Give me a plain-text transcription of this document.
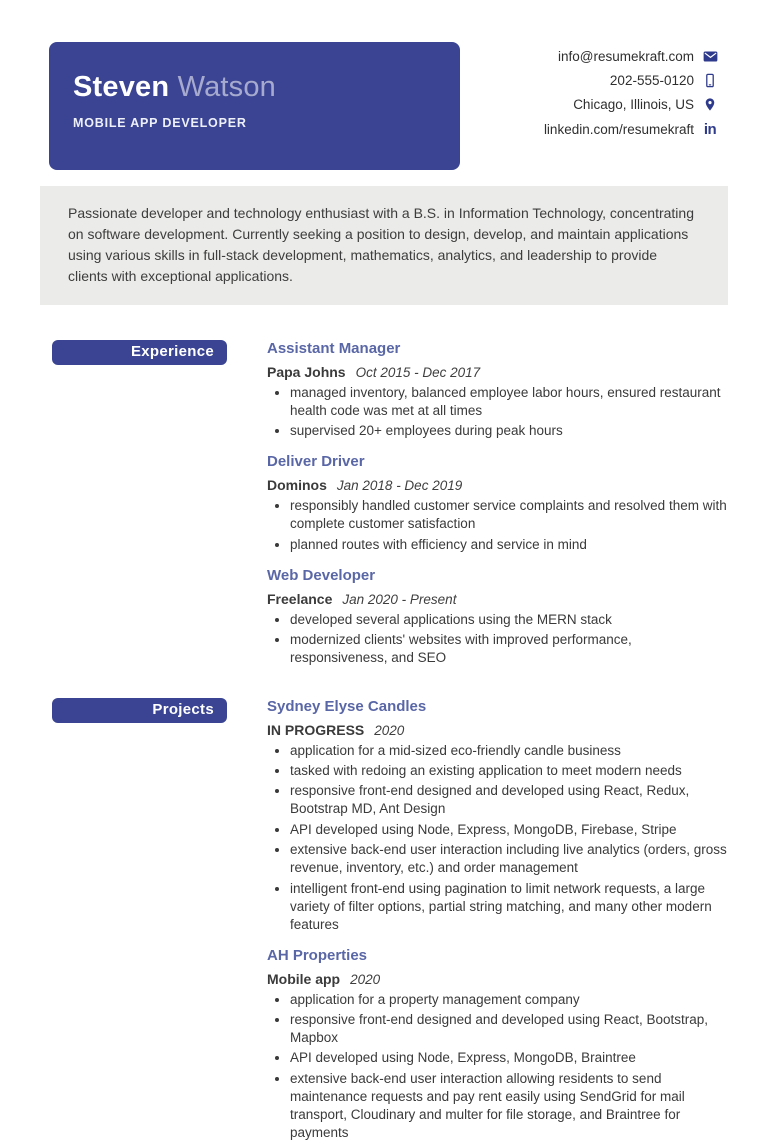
Steven Watson
MOBILE APP DEVELOPER
info@resumekraft.com
202-555-0120
Chicago, Illinois, US
linkedin.com/resumekraft in

Passionate developer and technology enthusiast with a B.S. in Information Technology, concentrating on software development. Currently seeking a position to design, develop, and maintain applications using various skills in full-stack development, mathematics, analytics, and leadership to provide clients with exceptional applications.

Experience	Assistant Manager

Papa Johns Oct 2015 - Dec 2017

• managed inventory, balanced employee labor hours, ensured restaurant health code was met at all times
• supervised 20+ employees during peak hours
Deliver Driver

Dominos Jan 2018 - Dec 2019

• responsibly handled customer service complaints and resolved them with complete customer satisfaction
• planned routes with efficiency and service in mind
Web Developer

Freelance Jan 2020 - Present

• developed several applications using the MERN stack
• modernized clients' websites with improved performance, responsiveness, and SEO
Projects	Sydney Elyse Candles

IN PROGRESS 2020

• application for a mid-sized eco-friendly candle business
• tasked with redoing an existing application to meet modern needs
• responsive front-end designed and developed using React, Redux, Bootstrap MD, Ant Design
• API developed using Node, Express, MongoDB, Firebase, Stripe
• extensive back-end user interaction including live analytics (orders, gross revenue, inventory, etc.) and order management
• intelligent front-end using pagination to limit network requests, a large variety of filter options, partial string matching, and many other modern features
AH Properties

Mobile app 2020

• application for a property management company
• responsive front-end designed and developed using React, Bootstrap, Mapbox
• API developed using Node, Express, MongoDB, Braintree
• extensive back-end user interaction allowing residents to send maintenance requests and pay rent easily using SendGrid for mail transport, Cloudinary and multer for file storage, and Braintree for payments
